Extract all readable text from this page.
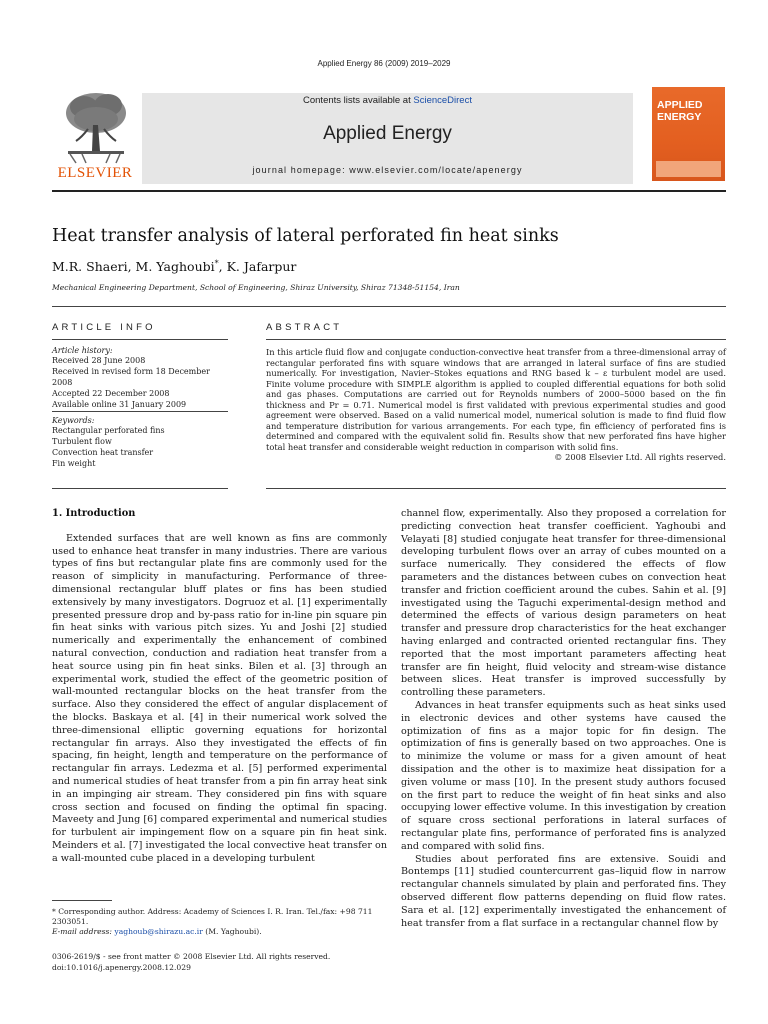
Applied Energy 86 (2009) 2019–2029
ELSEVIER
Contents lists available at ScienceDirect
Applied Energy
journal homepage: www.elsevier.com/locate/apenergy
APPLIED
ENERGY
Heat transfer analysis of lateral perforated fin heat sinks
M.R. Shaeri, M. Yaghoubi*, K. Jafarpur
Mechanical Engineering Department, School of Engineering, Shiraz University, Shiraz 71348-51154, Iran
ARTICLE INFO
Article history:
Received 28 June 2008
Received in revised form 18 December 2008
Accepted 22 December 2008
Available online 31 January 2009
Keywords:
Rectangular perforated fins
Turbulent flow
Convection heat transfer
Fin weight
ABSTRACT
In this article fluid flow and conjugate conduction-convective heat transfer from a three-dimensional array of rectangular perforated fins with square windows that are arranged in lateral surface of fins are studied numerically. For investigation, Navier–Stokes equations and RNG based k – ε turbulent model are used. Finite volume procedure with SIMPLE algorithm is applied to coupled differential equations for both solid and gas phases. Computations are carried out for Reynolds numbers of 2000–5000 based on the fin thickness and Pr = 0.71. Numerical model is first validated with previous experimental studies and good agreement were observed. Based on a valid numerical model, numerical solution is made to find fluid flow and temperature distribution for various arrangements. For each type, fin efficiency of perforated fins is determined and compared with the equivalent solid fin. Results show that new perforated fins have higher total heat transfer and considerable weight reduction in comparison with solid fins.
© 2008 Elsevier Ltd. All rights reserved.
1. Introduction

Extended surfaces that are well known as fins are commonly used to enhance heat transfer in many industries. There are various types of fins but rectangular plate fins are commonly used for the reason of simplicity in manufacturing. Performance of three-dimensional rectangular bluff plates or fins has been studied extensively by many investigators. Dogruoz et al. [1] experimentally presented pressure drop and by-pass ratio for in-line pin square pin fin heat sinks with various pitch sizes. Yu and Joshi [2] studied numerically and experimentally the enhancement of combined natural convection, conduction and radiation heat transfer from a heat source using pin fin heat sinks. Bilen et al. [3] through an experimental work, studied the effect of the geometric position of wall-mounted rectangular blocks on the heat transfer from the surface. Also they considered the effect of angular displacement of the blocks. Baskaya et al. [4] in their numerical work solved the three-dimensional elliptic governing equations for horizontal rectangular fin arrays. Also they investigated the effects of fin spacing, fin height, length and temperature on the performance of rectangular fin arrays. Ledezma et al. [5] performed experimental and numerical studies of heat transfer from a pin fin array heat sink in an impinging air stream. They considered pin fins with square cross section and focused on finding the optimal fin spacing. Maveety and Jung [6] compared experimental and numerical studies for turbulent air impingement flow on a square pin fin heat sink. Meinders et al. [7] investigated the local convective heat transfer on a wall-mounted cube placed in a developing turbulent

channel flow, experimentally. Also they proposed a correlation for predicting convection heat transfer coefficient. Yaghoubi and Velayati [8] studied conjugate heat transfer for three-dimensional developing turbulent flows over an array of cubes mounted on a surface numerically. They considered the effects of flow parameters and the distances between cubes on convection heat transfer and friction coefficient around the cubes. Sahin et al. [9] investigated using the Taguchi experimental-design method and determined the effects of various design parameters on heat transfer and pressure drop characteristics for the heat exchanger having enlarged and contracted oriented rectangular fins. They reported that the most important parameters affecting heat transfer are fin height, fluid velocity and stream-wise distance between slices. Heat transfer is improved successfully by controlling these parameters.

Advances in heat transfer equipments such as heat sinks used in electronic devices and other systems have caused the optimization of fins as a major topic for fin design. The optimization of fins is generally based on two approaches. One is to minimize the volume or mass for a given amount of heat dissipation and the other is to maximize heat dissipation for a given volume or mass [10]. In the present study authors focused on the first part to reduce the weight of fin heat sinks and also occupying lower effective volume. In this investigation by creation of square cross sectional perforations in lateral surfaces of rectangular plate fins, performance of perforated fins is analyzed and compared with solid fins.

Studies about perforated fins are extensive. Souidi and Bontemps [11] studied countercurrent gas–liquid flow in narrow rectangular channels simulated by plain and perforated fins. They observed different flow patterns depending on fluid flow rates. Sara et al. [12] experimentally investigated the enhancement of heat transfer from a flat surface in a rectangular channel flow by

* Corresponding author. Address: Academy of Sciences I. R. Iran. Tel./fax: +98 711 2303051.
E-mail address: yaghoub@shirazu.ac.ir (M. Yaghoubi).
0306-2619/$ - see front matter © 2008 Elsevier Ltd. All rights reserved.
doi:10.1016/j.apenergy.2008.12.029
